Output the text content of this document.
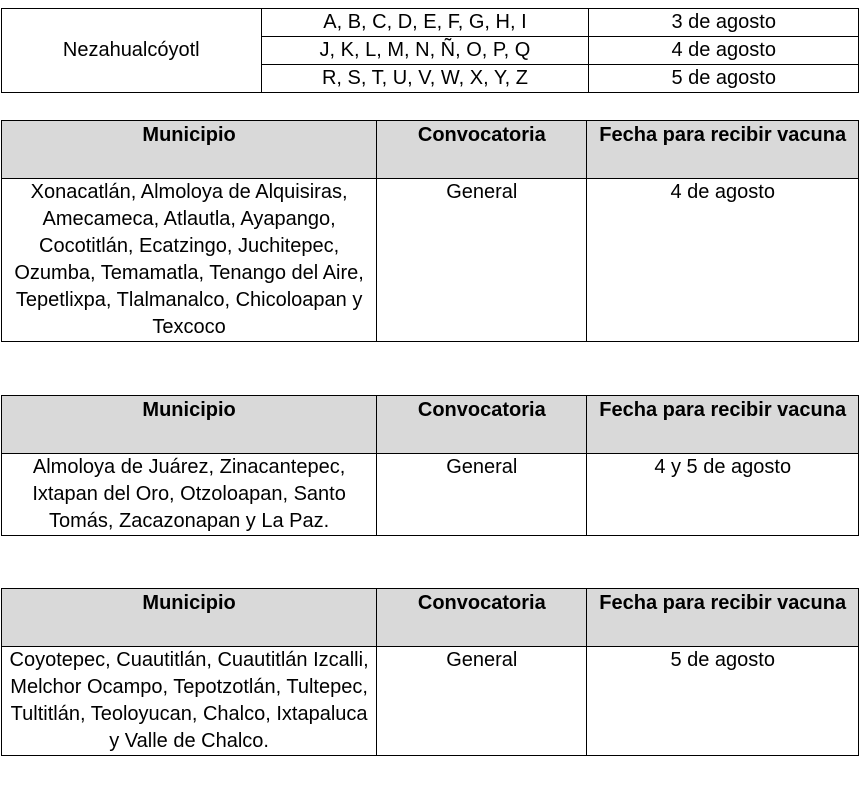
Nezahualcóyotl	A, B, C, D, E, F, G, H, I	3 de agosto
	J, K, L, M, N, Ñ, O, P, Q	4 de agosto
	R, S, T, U, V, W, X, Y, Z	5 de agosto
Municipio	Convocatoria	Fecha para recibir vacuna
Xonacatlán, Almoloya de Alquisiras, Amecameca, Atlautla, Ayapango, Cocotitlán, Ecatzingo, Juchitepec, Ozumba, Temamatla, Tenango del Aire, Tepetlixpa, Tlalmanalco, Chicoloapan y Texcoco	General	4 de agosto
Municipio	Convocatoria	Fecha para recibir vacuna
Almoloya de Juárez, Zinacantepec, Ixtapan del Oro, Otzoloapan, Santo Tomás, Zacazonapan y La Paz.	General	4 y 5 de agosto
Municipio	Convocatoria	Fecha para recibir vacuna
Coyotepec, Cuautitlán, Cuautitlán Izcalli, Melchor Ocampo, Tepotzotlán, Tultepec, Tultitlán, Teoloyucan, Chalco, Ixtapaluca y Valle de Chalco.	General	5 de agosto
